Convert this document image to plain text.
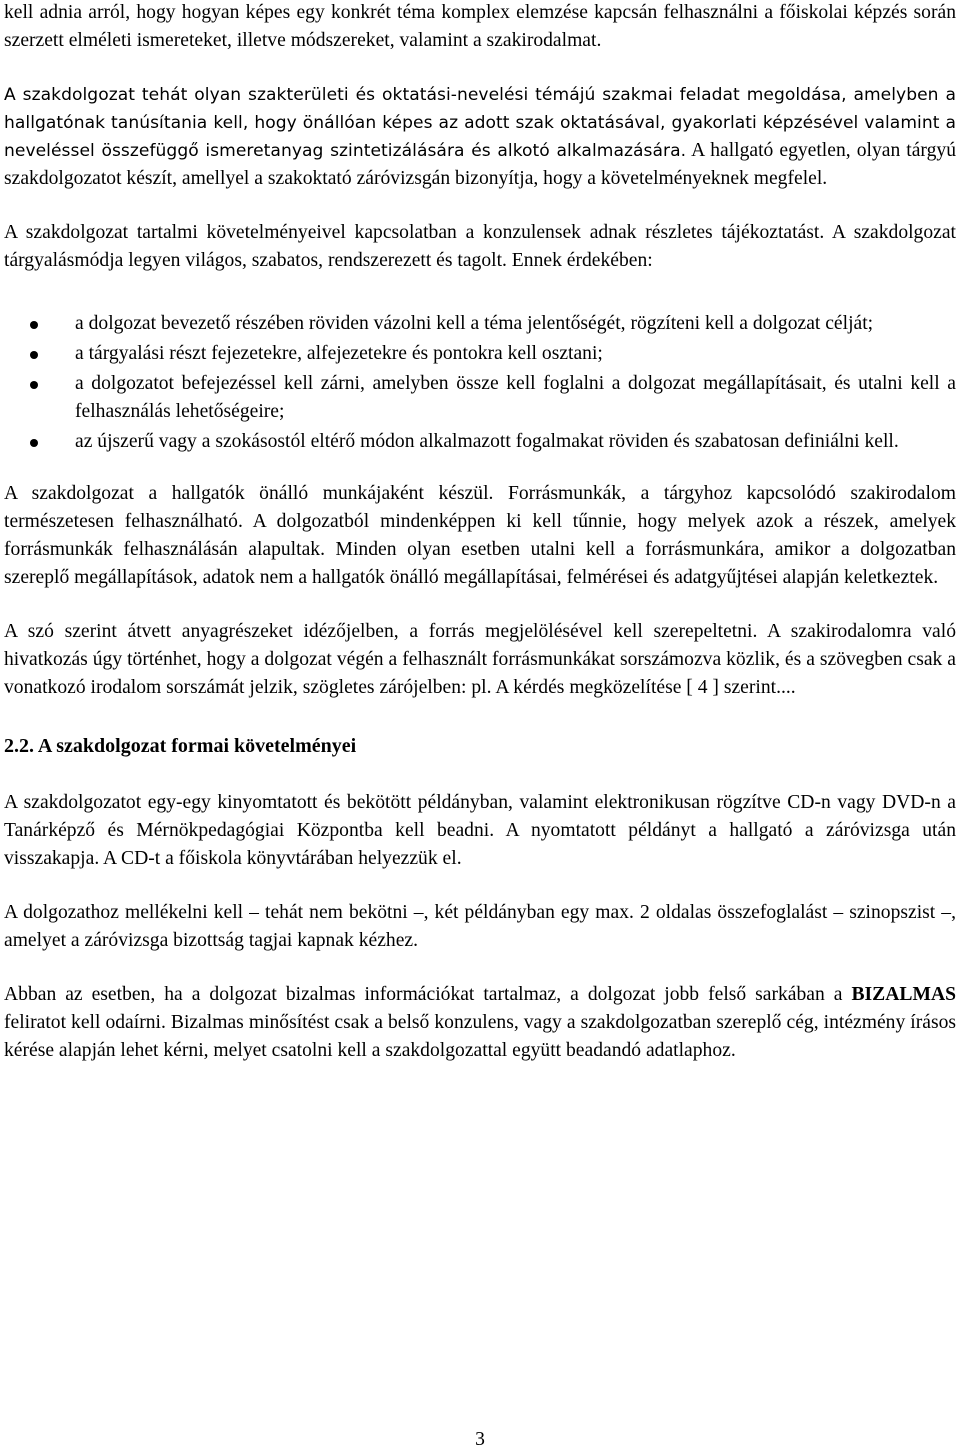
kell adnia arról, hogy hogyan képes egy konkrét téma komplex elemzése kapcsán felhasználni a főiskolai képzés során szerzett elméleti ismereteket, illetve módszereket, valamint a szakirodalmat.

A szakdolgozat tehát olyan szakterületi és oktatási-nevelési témájú szakmai feladat megoldása, amelyben a hallgatónak tanúsítania kell, hogy önállóan képes az adott szak oktatásával, gyakorlati képzésével valamint a neveléssel összefüggő ismeretanyag szintetizálására és alkotó alkalmazására. A hallgató egyetlen, olyan tárgyú szakdolgozatot készít, amellyel a szakoktató záróvizsgán bizonyítja, hogy a követelményeknek megfelel.

A szakdolgozat tartalmi követelményeivel kapcsolatban a konzulensek adnak részletes tájékoztatást. A szakdolgozat tárgyalásmódja legyen világos, szabatos, rendszerezett és tagolt. Ennek érdekében:

a dolgozat bevezető részében röviden vázolni kell a téma jelentőségét, rögzíteni kell a dolgozat célját;
a tárgyalási részt fejezetekre, alfejezetekre és pontokra kell osztani;
a dolgozatot befejezéssel kell zárni, amelyben össze kell foglalni a dolgozat megállapításait, és utalni kell a felhasználás lehetőségeire;
az újszerű vagy a szokásostól eltérő módon alkalmazott fogalmakat röviden és szabatosan definiálni kell.

A szakdolgozat a hallgatók önálló munkájaként készül. Forrásmunkák, a tárgyhoz kapcsolódó szakirodalom természetesen felhasználható. A dolgozatból mindenképpen ki kell tűnnie, hogy melyek azok a részek, amelyek forrásmunkák felhasználásán alapultak. Minden olyan esetben utalni kell a forrásmunkára, amikor a dolgozatban szereplő megállapítások, adatok nem a hallgatók önálló megállapításai, felmérései és adatgyűjtései alapján keletkeztek.

A szó szerint átvett anyagrészeket idézőjelben, a forrás megjelölésével kell szerepeltetni. A szakirodalomra való hivatkozás úgy történhet, hogy a dolgozat végén a felhasznált forrásmunkákat sorszámozva közlik, és a szövegben csak a vonatkozó irodalom sorszámát jelzik, szögletes zárójelben: pl. A kérdés megközelítése [ 4 ] szerint....

2.2. A szakdolgozat formai követelményei

A szakdolgozatot egy-egy kinyomtatott és bekötött példányban, valamint elektronikusan rögzítve CD-n vagy DVD-n a Tanárképző és Mérnökpedagógiai Központba kell beadni. A nyomtatott példányt a hallgató a záróvizsga után visszakapja. A CD-t a főiskola könyvtárában helyezzük el.

A dolgozathoz mellékelni kell – tehát nem bekötni –, két példányban egy max. 2 oldalas összefoglalást – szinopszist –, amelyet a záróvizsga bizottság tagjai kapnak kézhez.

Abban az esetben, ha a dolgozat bizalmas információkat tartalmaz, a dolgozat jobb felső sarkában a BIZALMAS feliratot kell odaírni. Bizalmas minősítést csak a belső konzulens, vagy a szakdolgozatban szereplő cég, intézmény írásos kérése alapján lehet kérni, melyet csatolni kell a szakdolgozattal együtt beadandó adatlaphoz.

3
